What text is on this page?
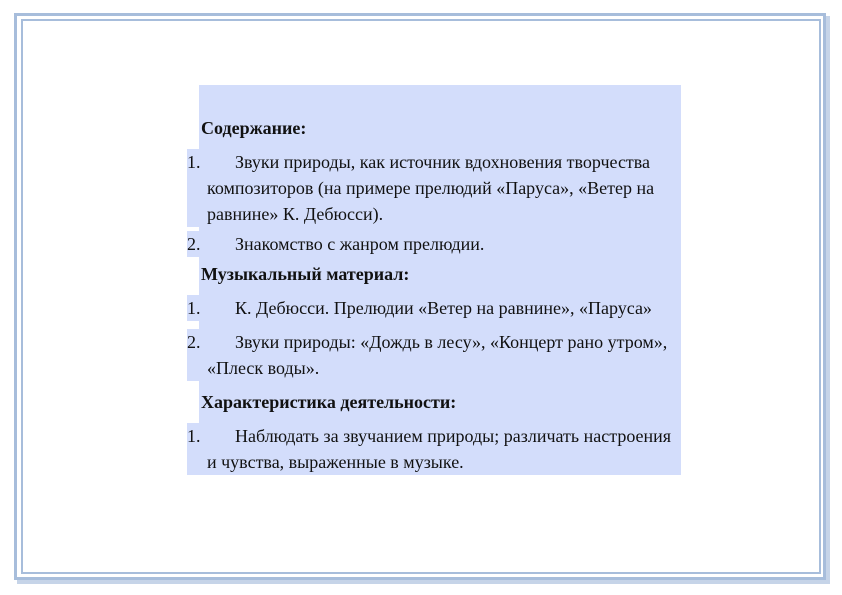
Содержание:
1.	Звуки природы, как источник вдохновения творчества композиторов (на примере прелюдий «Паруса», «Ветер на равнине» К. Дебюсси).
2.	Знакомство с жанром прелюдии.
Музыкальный материал:
1.	К. Дебюсси. Прелюдии «Ветер на равнине», «Паруса»
2.	Звуки природы: «Дождь в лесу», «Концерт рано утром», «Плеск воды».
Характеристика деятельности:
1.	Наблюдать за звучанием природы; различать настроения и чувства, выраженные в музыке.
